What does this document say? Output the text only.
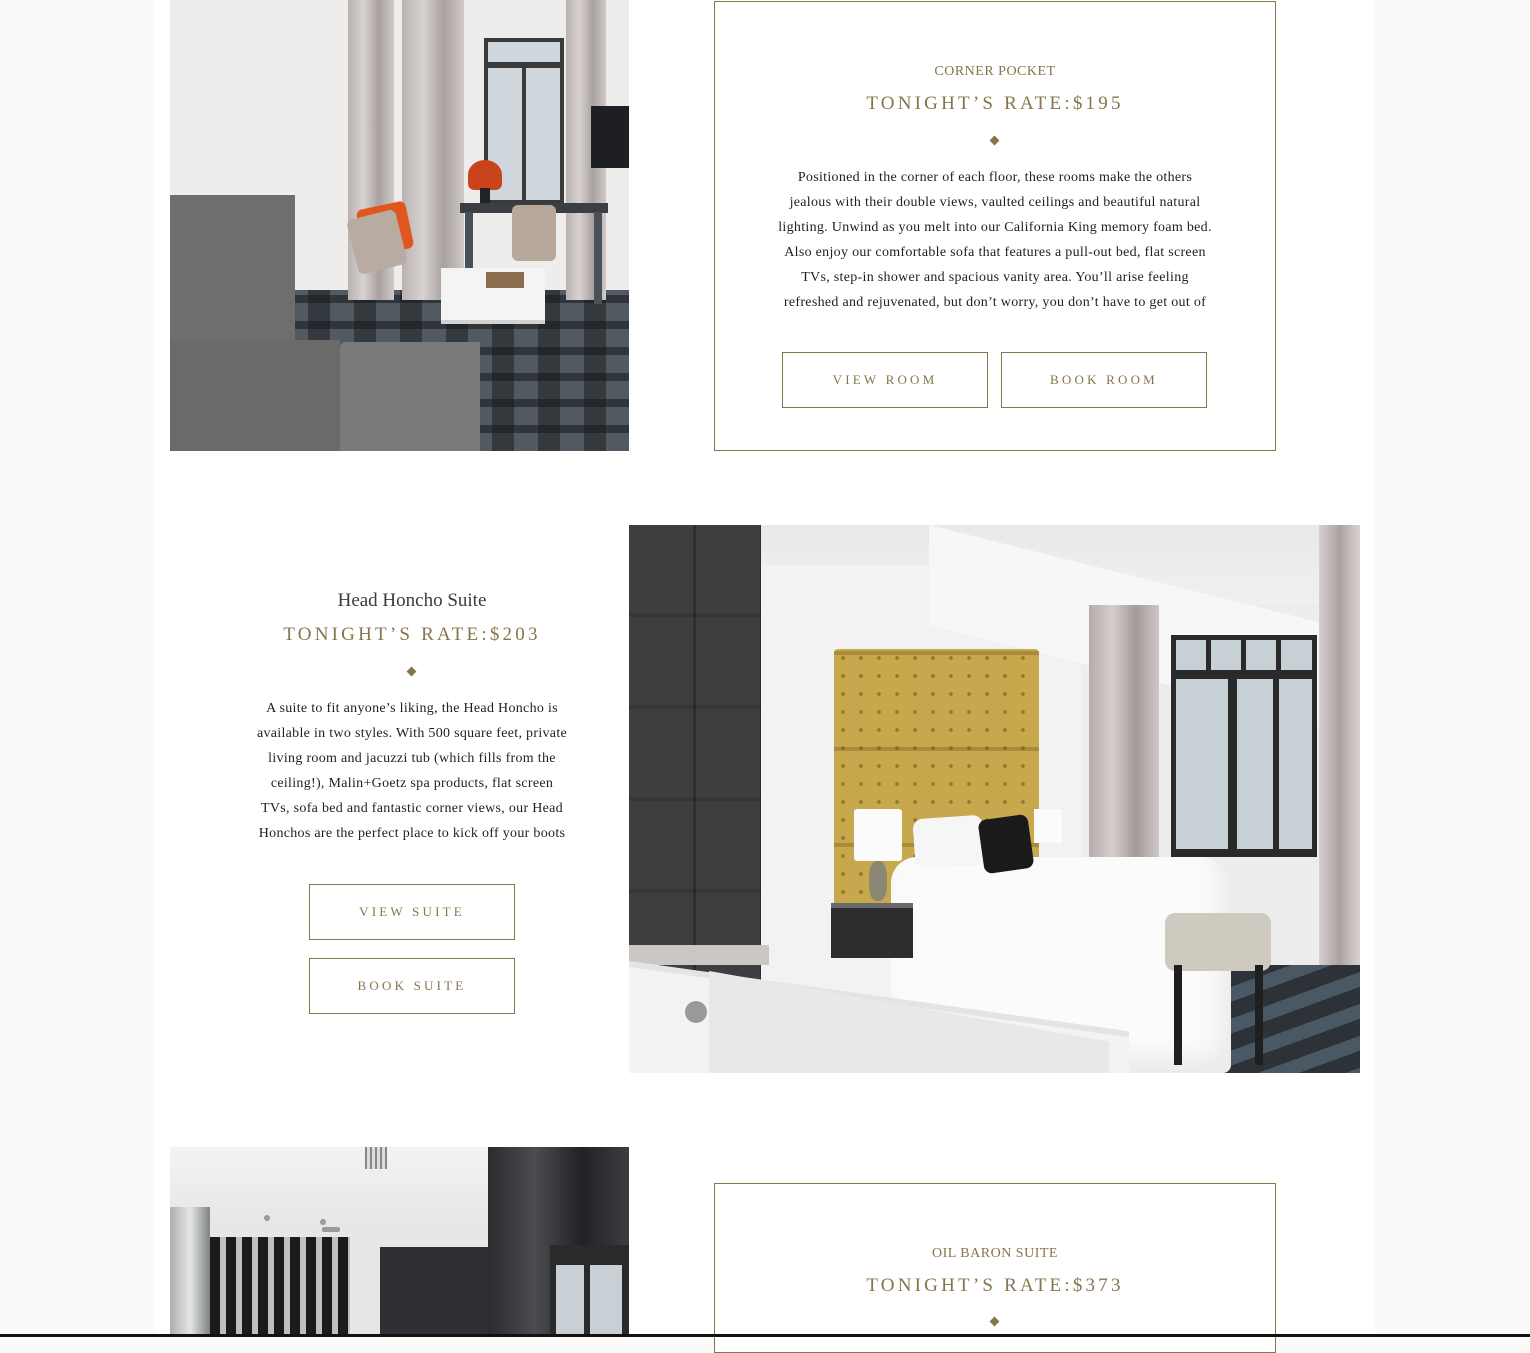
CORNER POCKET
TONIGHT’S RATE:$195
Positioned in the corner of each floor, these rooms make the others
jealous with their double views, vaulted ceilings and beautiful natural
lighting. Unwind as you melt into our California King memory foam bed.
Also enjoy our comfortable sofa that features a pull-out bed, flat screen
TVs, step-in shower and spacious vanity area. You’ll arise feeling
refreshed and rejuvenated, but don’t worry, you don’t have to get out of
VIEW ROOM	BOOK ROOM
Head Honcho Suite
TONIGHT’S RATE:$203
A suite to fit anyone’s liking, the Head Honcho is
available in two styles. With 500 square feet, private
living room and jacuzzi tub (which fills from the
ceiling!), Malin+Goetz spa products, flat screen
TVs, sofa bed and fantastic corner views, our Head
Honchos are the perfect place to kick off your boots
VIEW SUITE
BOOK SUITE
OIL BARON SUITE
TONIGHT’S RATE:$373
